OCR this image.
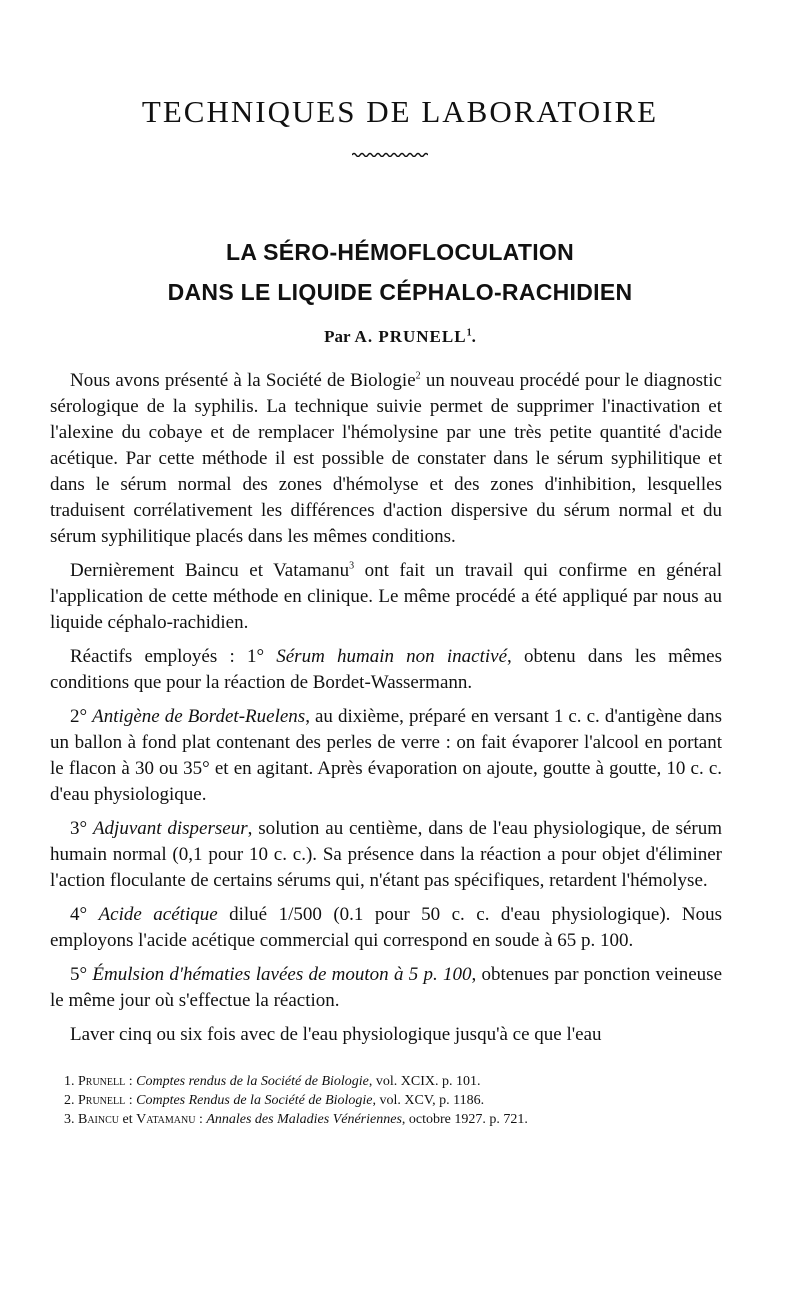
TECHNIQUES DE LABORATOIRE
LA SÉRO-HÉMOFLOCULATION
DANS LE LIQUIDE CÉPHALO-RACHIDIEN

Par A. PRUNELL$^1$.

Nous avons présenté à la Société de Biologie$^2$ un nouveau procédé pour le diagnostic sérologique de la syphilis. La technique suivie permet de supprimer l'inactivation et l'alexine du cobaye et de remplacer l'hémolysine par une très petite quantité d'acide acétique. Par cette méthode il est possible de constater dans le sérum syphilitique et dans le sérum normal des zones d'hémolyse et des zones d'inhibition, lesquelles traduisent corrélativement les différences d'action dispersive du sérum normal et du sérum syphilitique placés dans les mêmes conditions.

Dernièrement Baincu et Vatamanu$^3$ ont fait un travail qui confirme en général l'application de cette méthode en clinique. Le même procédé a été appliqué par nous au liquide céphalo-rachidien.

Réactifs employés : 1° Sérum humain non inactivé, obtenu dans les mêmes conditions que pour la réaction de Bordet-Wassermann.

2° Antigène de Bordet-Ruelens, au dixième, préparé en versant 1 c. c. d'antigène dans un ballon à fond plat contenant des perles de verre : on fait évaporer l'alcool en portant le flacon à 30 ou 35° et en agitant. Après évaporation on ajoute, goutte à goutte, 10 c. c. d'eau physiologique.

3° Adjuvant disperseur, solution au centième, dans de l'eau physiologique, de sérum humain normal (0,1 pour 10 c. c.). Sa présence dans la réaction a pour objet d'éliminer l'action floculante de certains sérums qui, n'étant pas spécifiques, retardent l'hémolyse.

4° Acide acétique dilué 1/500 (0.1 pour 50 c. c. d'eau physiologique). Nous employons l'acide acétique commercial qui correspond en soude à 65 p. 100.

5° Émulsion d'hématies lavées de mouton à 5 p. 100, obtenues par ponction veineuse le même jour où s'effectue la réaction.

Laver cinq ou six fois avec de l'eau physiologique jusqu'à ce que l'eau

1. Prunell : Comptes rendus de la Société de Biologie, vol. XCIX. p. 101.
2. Prunell : Comptes Rendus de la Société de Biologie, vol. XCV, p. 1186.
3. Baincu et Vatamanu : Annales des Maladies Vénériennes, octobre 1927. p. 721.
